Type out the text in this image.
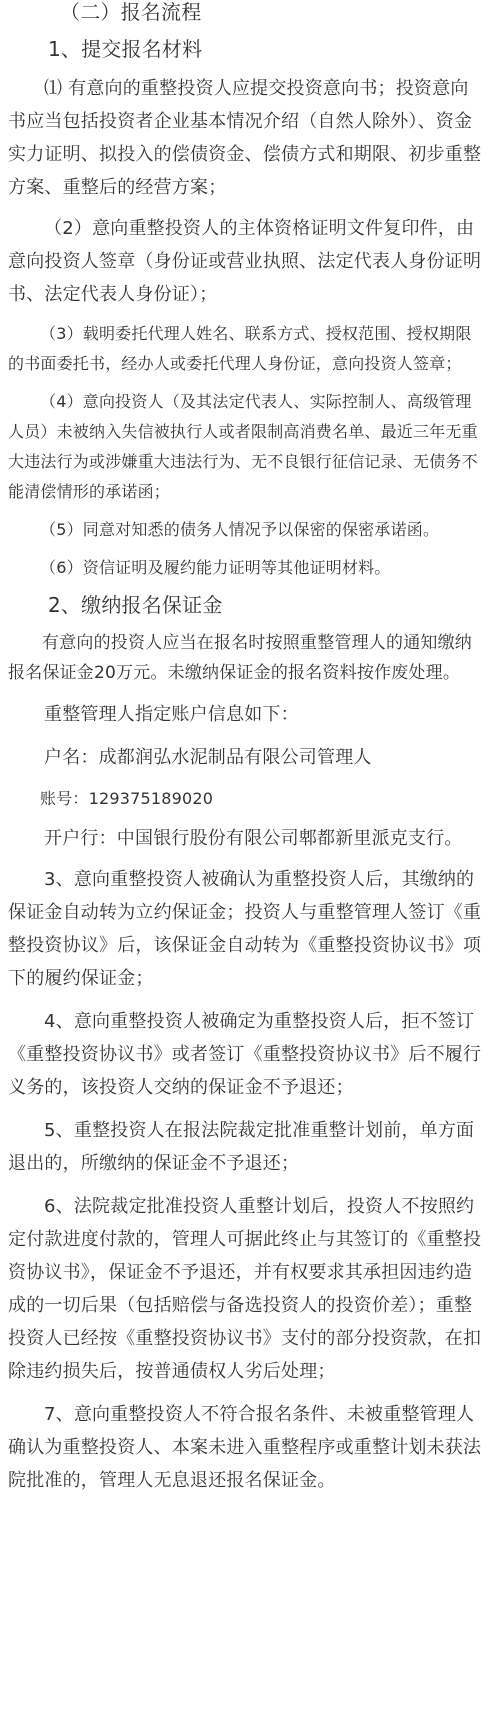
（二）报名流程

1、提交报名材料

⑴ 有意向的重整投资人应提交投资意向书；投资意向书应当包括投资者企业基本情况介绍（自然人除外）、资金实力证明、拟投入的偿债资金、偿债方式和期限、初步重整方案、重整后的经营方案；

（2）意向重整投资人的主体资格证明文件复印件，由意向投资人签章（身份证或营业执照、法定代表人身份证明书、法定代表人身份证）；

（3）载明委托代理人姓名、联系方式、授权范围、授权期限的书面委托书，经办人或委托代理人身份证，意向投资人签章；

（4）意向投资人（及其法定代表人、实际控制人、高级管理人员）未被纳入失信被执行人或者限制高消费名单、最近三年无重大违法行为或涉嫌重大违法行为、无不良银行征信记录、无债务不能清偿情形的承诺函；

（5）同意对知悉的债务人情况予以保密的保密承诺函。

（6）资信证明及履约能力证明等其他证明材料。

2、缴纳报名保证金

有意向的投资人应当在报名时按照重整管理人的通知缴纳报名保证金20万元。未缴纳保证金的报名资料按作废处理。

重整管理人指定账户信息如下：

户名：成都润弘水泥制品有限公司管理人

账号：129375189020

开户行：中国银行股份有限公司郫都新里派克支行。

3、意向重整投资人被确认为重整投资人后，其缴纳的保证金自动转为立约保证金；投资人与重整管理人签订《重整投资协议》后，该保证金自动转为《重整投资协议书》项下的履约保证金；

4、意向重整投资人被确定为重整投资人后，拒不签订《重整投资协议书》或者签订《重整投资协议书》后不履行义务的，该投资人交纳的保证金不予退还；

5、重整投资人在报法院裁定批准重整计划前，单方面退出的，所缴纳的保证金不予退还；

6、法院裁定批准投资人重整计划后，投资人不按照约定付款进度付款的，管理人可据此终止与其签订的《重整投资协议书》，保证金不予退还，并有权要求其承担因违约造成的一切后果（包括赔偿与备选投资人的投资价差）；重整投资人已经按《重整投资协议书》支付的部分投资款，在扣除违约损失后，按普通债权人劣后处理；

7、意向重整投资人不符合报名条件、未被重整管理人确认为重整投资人、本案未进入重整程序或重整计划未获法院批准的，管理人无息退还报名保证金。
